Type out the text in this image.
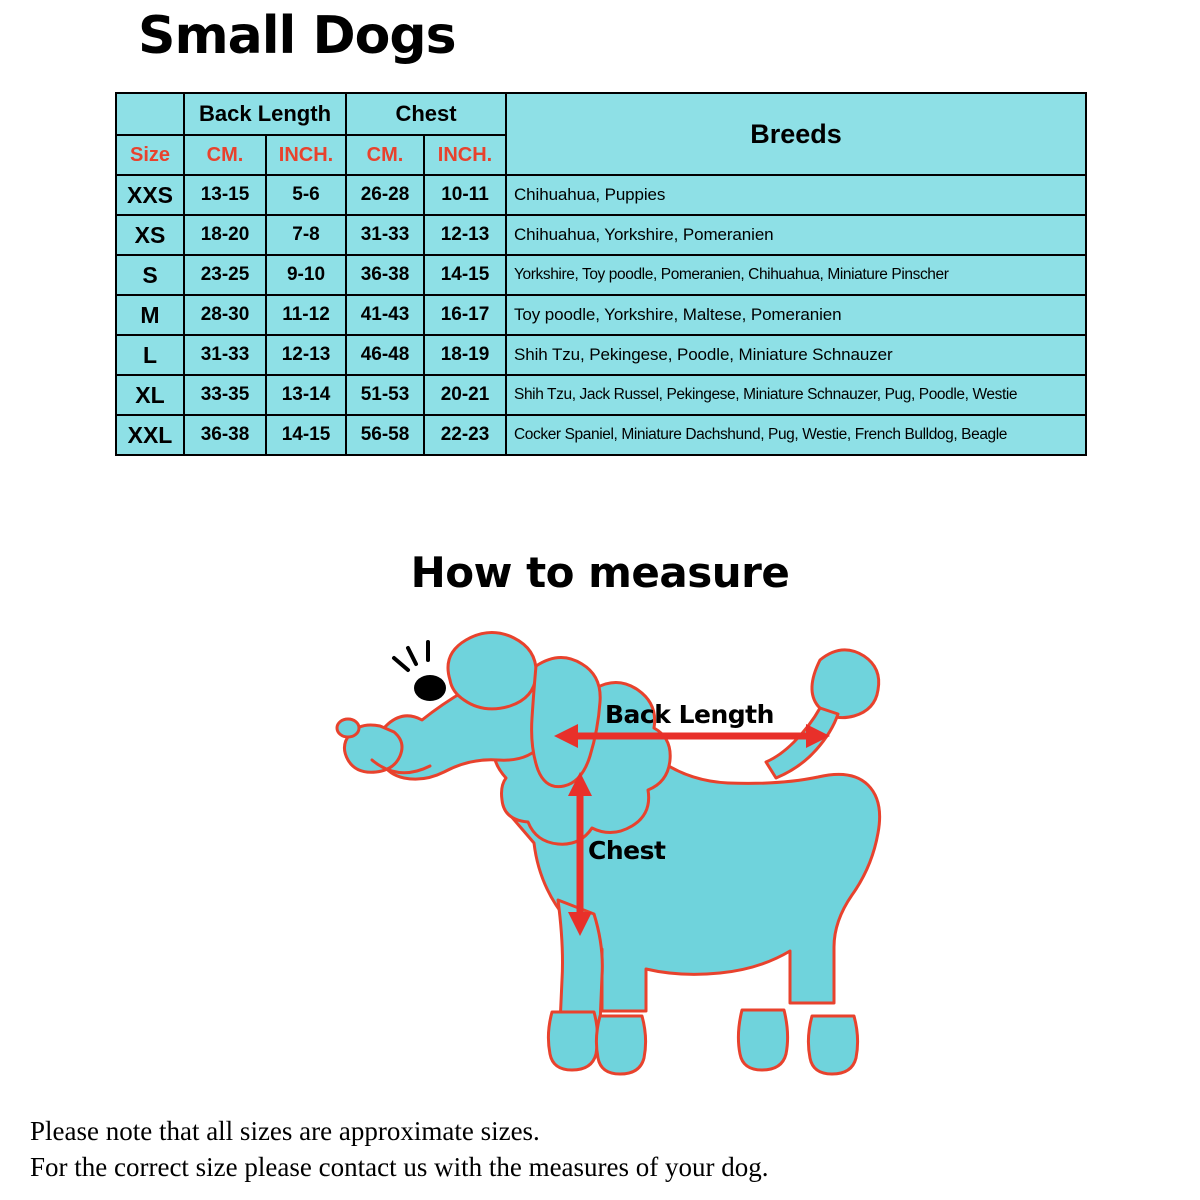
Small Dogs
	Back Length		Chest		Breeds
Size	CM.	INCH.	CM.	INCH.	
XXS	13-15	5-6	26-28	10-11	Chihuahua, Puppies
XS	18-20	7-8	31-33	12-13	Chihuahua, Yorkshire, Pomeranien
S	23-25	9-10	36-38	14-15	Yorkshire, Toy poodle, Pomeranien, Chihuahua, Miniature Pinscher
M	28-30	11-12	41-43	16-17	Toy poodle, Yorkshire, Maltese, Pomeranien
L	31-33	12-13	46-48	18-19	Shih Tzu, Pekingese, Poodle, Miniature Schnauzer
XL	33-35	13-14	51-53	20-21	Shih Tzu, Jack Russel, Pekingese, Miniature Schnauzer, Pug, Poodle, Westie
XXL	36-38	14-15	56-58	22-23	Cocker Spaniel, Miniature Dachshund, Pug, Westie, French Bulldog, Beagle
How to measure
Back Length
Chest
Please note that all sizes are approximate sizes.
For the correct size please contact us with the measures of your dog.
